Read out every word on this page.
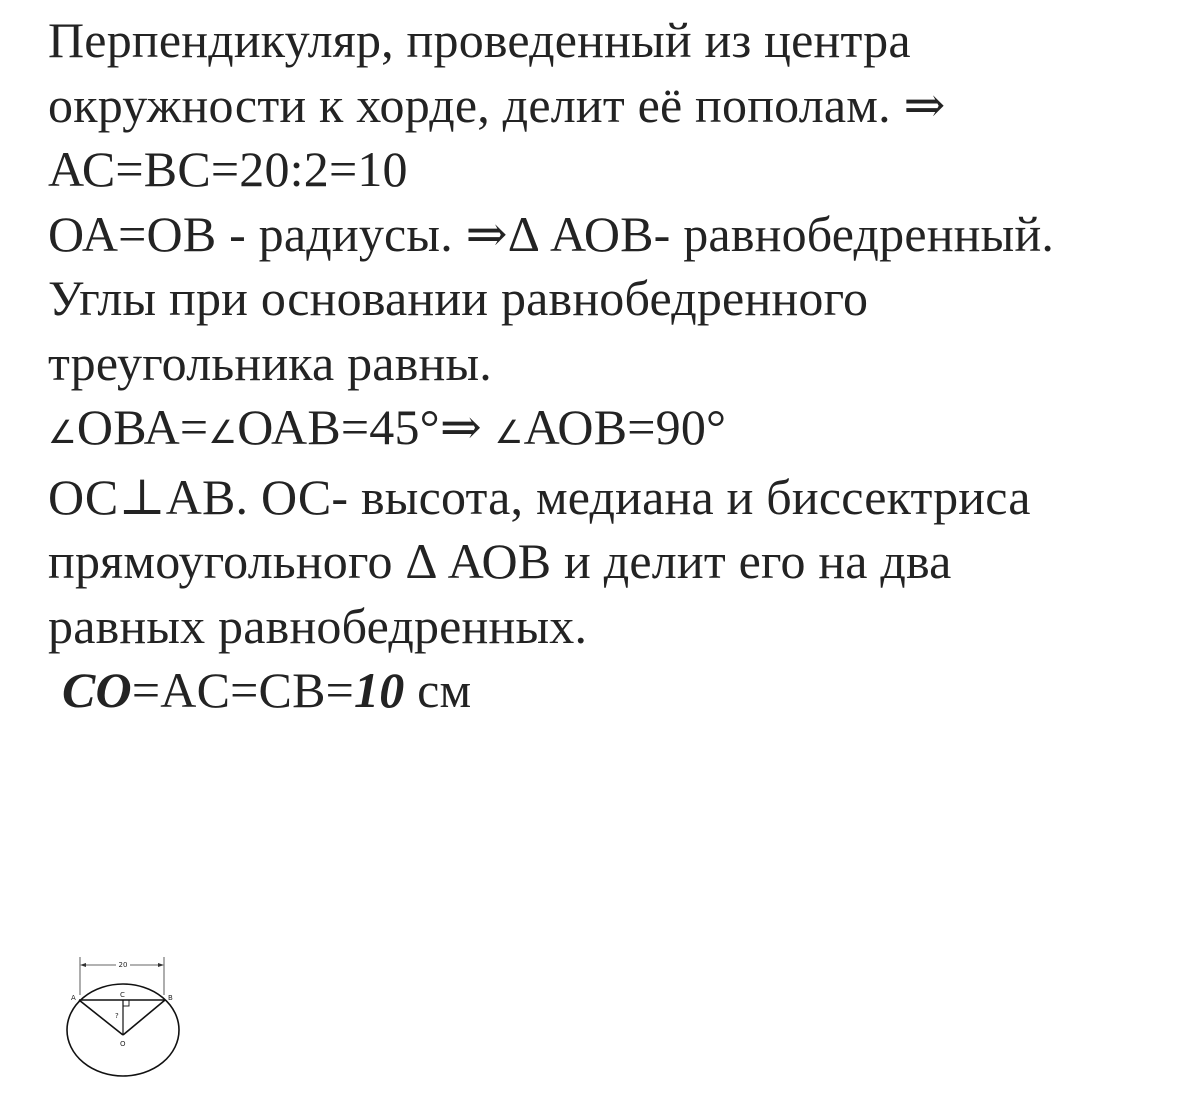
Перпендикуляр, проведенный из центра
окружности к хорде, делит её пополам. ⇒
АС=ВС=20:2=10
ОА=ОВ - радиусы. ⇒Δ АОВ- равнобедренный.
Углы при основании равнобедренного
треугольника равны.
∠ОВА=∠ОАВ=45°⇒ ∠АОВ=90°
ОС⊥АВ. ОС- высота, медиана и биссектриса
прямоугольного Δ АОВ и делит его на два
равных равнобедренных.
CO=AC=CB=10 см
20
A	B
C
?
O
